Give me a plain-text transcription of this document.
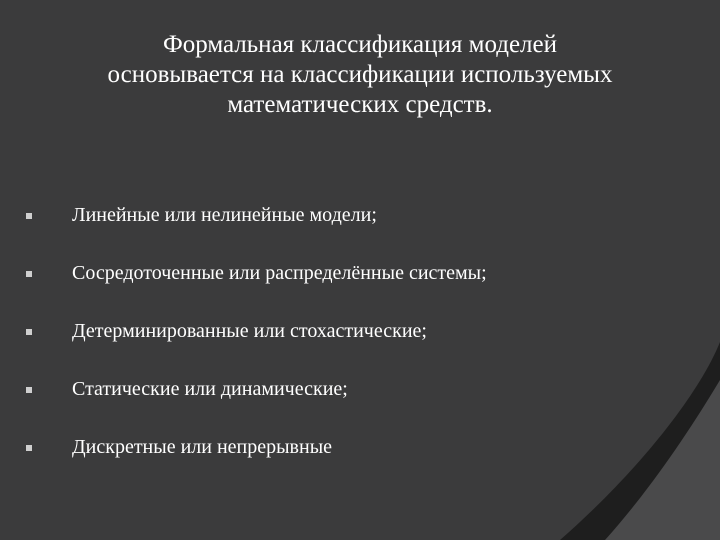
Формальная классификация моделей
основывается на классификации используемых
математических средств.
Линейные или нелинейные модели;
Сосредоточенные или распределённые системы;
Детерминированные или стохастические;
Статические или динамические;
Дискретные или непрерывные
